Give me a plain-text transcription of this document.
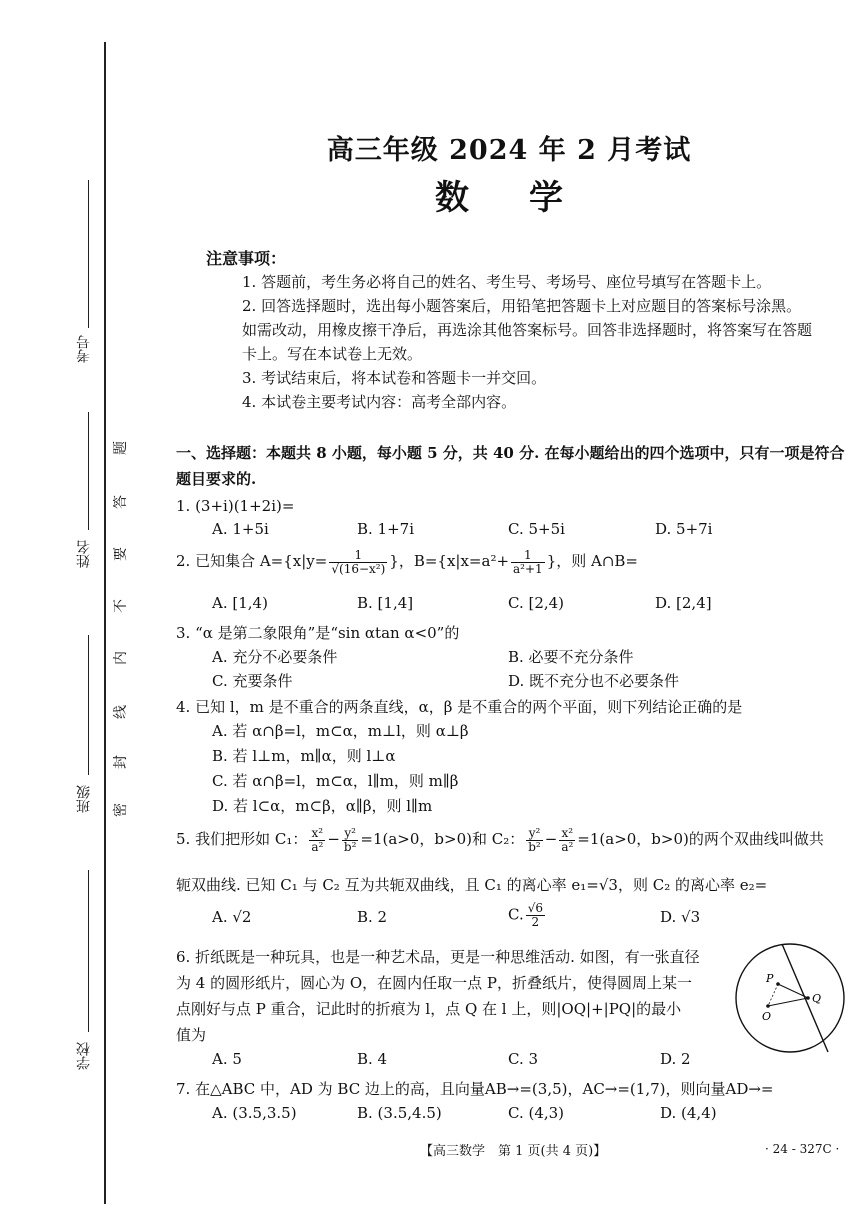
考号
姓名
班级
学校
密
封
线
内
不
要
答
题
高三年级 2024 年 2 月考试
数学
注意事项：
1. 答题前，考生务必将自己的姓名、考生号、考场号、座位号填写在答题卡上。
2. 回答选择题时，选出每小题答案后，用铅笔把答题卡上对应题目的答案标号涂黑。如需改动，用橡皮擦干净后，再选涂其他答案标号。回答非选择题时，将答案写在答题卡上。写在本试卷上无效。
3. 考试结束后，将本试卷和答题卡一并交回。
4. 本试卷主要考试内容：高考全部内容。
一、选择题：本题共 8 小题，每小题 5 分，共 40 分. 在每小题给出的四个选项中，只有一项是符合题目要求的.
1. (3+i)(1+2i)=
A. 1+5i	B. 1+7i	C. 5+5i	D. 5+7i
2. 已知集合 $A=\{x|y= \frac{1}{\text{√(16−x²)}}$ }，$B=\{x|x=a^2+ \frac{1}{\text{a²+1}}$ }，则 A∩B=
A. [1,4)	B. [1,4]	C. [2,4)	D. [2,4]
3. “α 是第二象限角”是“sin αtan α<0”的
A. 充分不必要条件	B. 必要不充分条件
C. 充要条件	D. 既不充分也不必要条件
4. 已知 l，m 是不重合的两条直线，α，β 是不重合的两个平面，则下列结论正确的是
A. 若 α∩β=l，m⊂α，m⊥l，则 α⊥β
B. 若 l⊥m，m∥α，则 l⊥α
C. 若 α∩β=l，m⊂α，l∥m，则 m∥β
D. 若 l⊂α，m⊂β，α∥β，则 l∥m
5. 我们把形如 C₁： $\frac{\text{x²}}{\text{a²}} - \frac{\text{y²}}{\text{b²}} =1(a>0$，b>0)和 C₂： $\frac{\text{y²}}{\text{b²}} - \frac{\text{x²}}{\text{a²}} =1(a>0$，b>0)的两个双曲线叫做共
轭双曲线. 已知 C₁ 与 C₂ 互为共轭双曲线，且 C₁ 的离心率 e₁=√3，则 C₂ 的离心率 e₂=
A. √2	B. 2	C. $\frac{√6}{2}$	D. √3
6. 折纸既是一种玩具，也是一种艺术品，更是一种思维活动. 如图，有一张直径
为 4 的圆形纸片，圆心为 O，在圆内任取一点 P，折叠纸片，使得圆周上某一
点刚好与点 P 重合，记此时的折痕为 l，点 Q 在 l 上，则|OQ|+|PQ|的最小
值为
A. 5	B. 4	C. 3	D. 2
P
Q
O
7. 在△ABC 中，AD 为 BC 边上的高，且向量AB→=(3,5)，AC→=(1,7)，则向量AD→=
A. (3.5,3.5)	B. (3.5,4.5)	C. (4,3)	D. (4,4)
【高三数学　第 1 页(共 4 页)】	· 24 - 327C ·
